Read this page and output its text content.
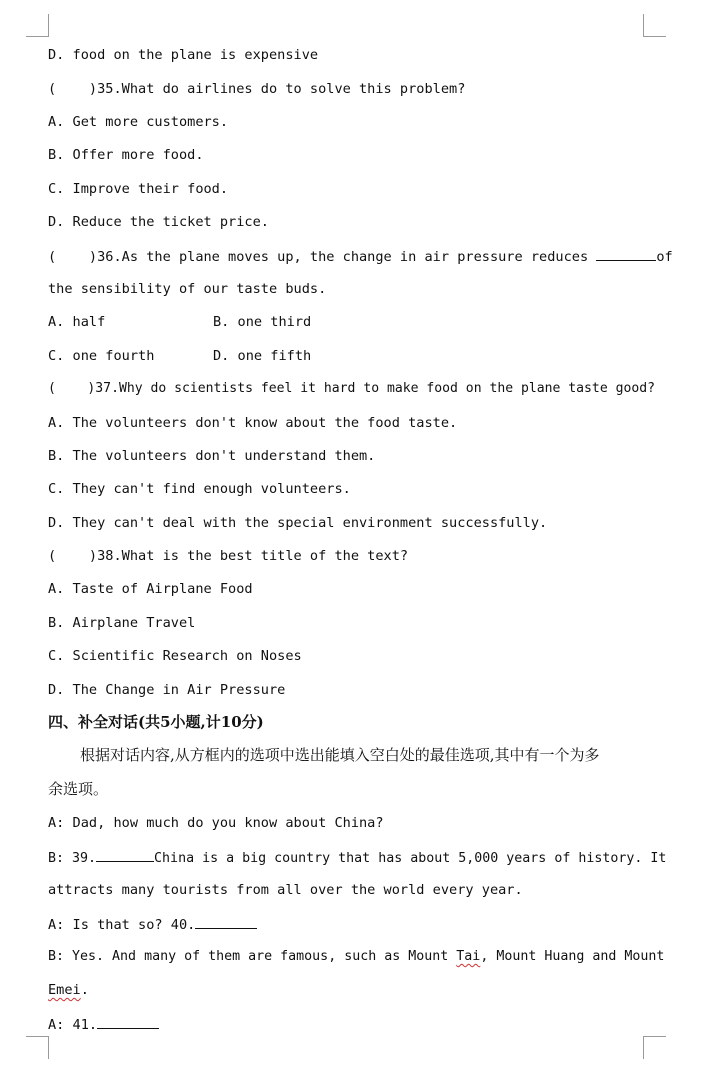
D. food on the plane is expensive
(    )35.What do airlines do to solve this problem?
A. Get more customers.
B. Offer more food.
C. Improve their food.
D. Reduce the ticket price.
(    )36.As the plane moves up, the change in air pressure reduces	of
the sensibility of our taste buds.
A. half	B. one third
C. one fourth	D. one fifth
(    )37.Why do scientists feel it hard to make food on the plane taste good?
A. The volunteers don't know about the food taste.
B. The volunteers don't understand them.
C. They can't find enough volunteers.
D. They can't deal with the special environment successfully.
(    )38.What is the best title of the text?
A. Taste of Airplane Food
B. Airplane Travel
C. Scientific Research on Noses
D. The Change in Air Pressure
四、补全对话(共5小题,计10分)
根据对话内容,从方框内的选项中选出能填入空白处的最佳选项,其中有一个为多
余选项。
A: Dad, how much do you know about China?
B: 39.	China is a big country that has about 5,000 years of history. It
attracts many tourists from all over the world every year.
A: Is that so? 40.
B: Yes. And many of them are famous, such as Mount Tai, Mount Huang and Mount
Emei.
A: 41.
